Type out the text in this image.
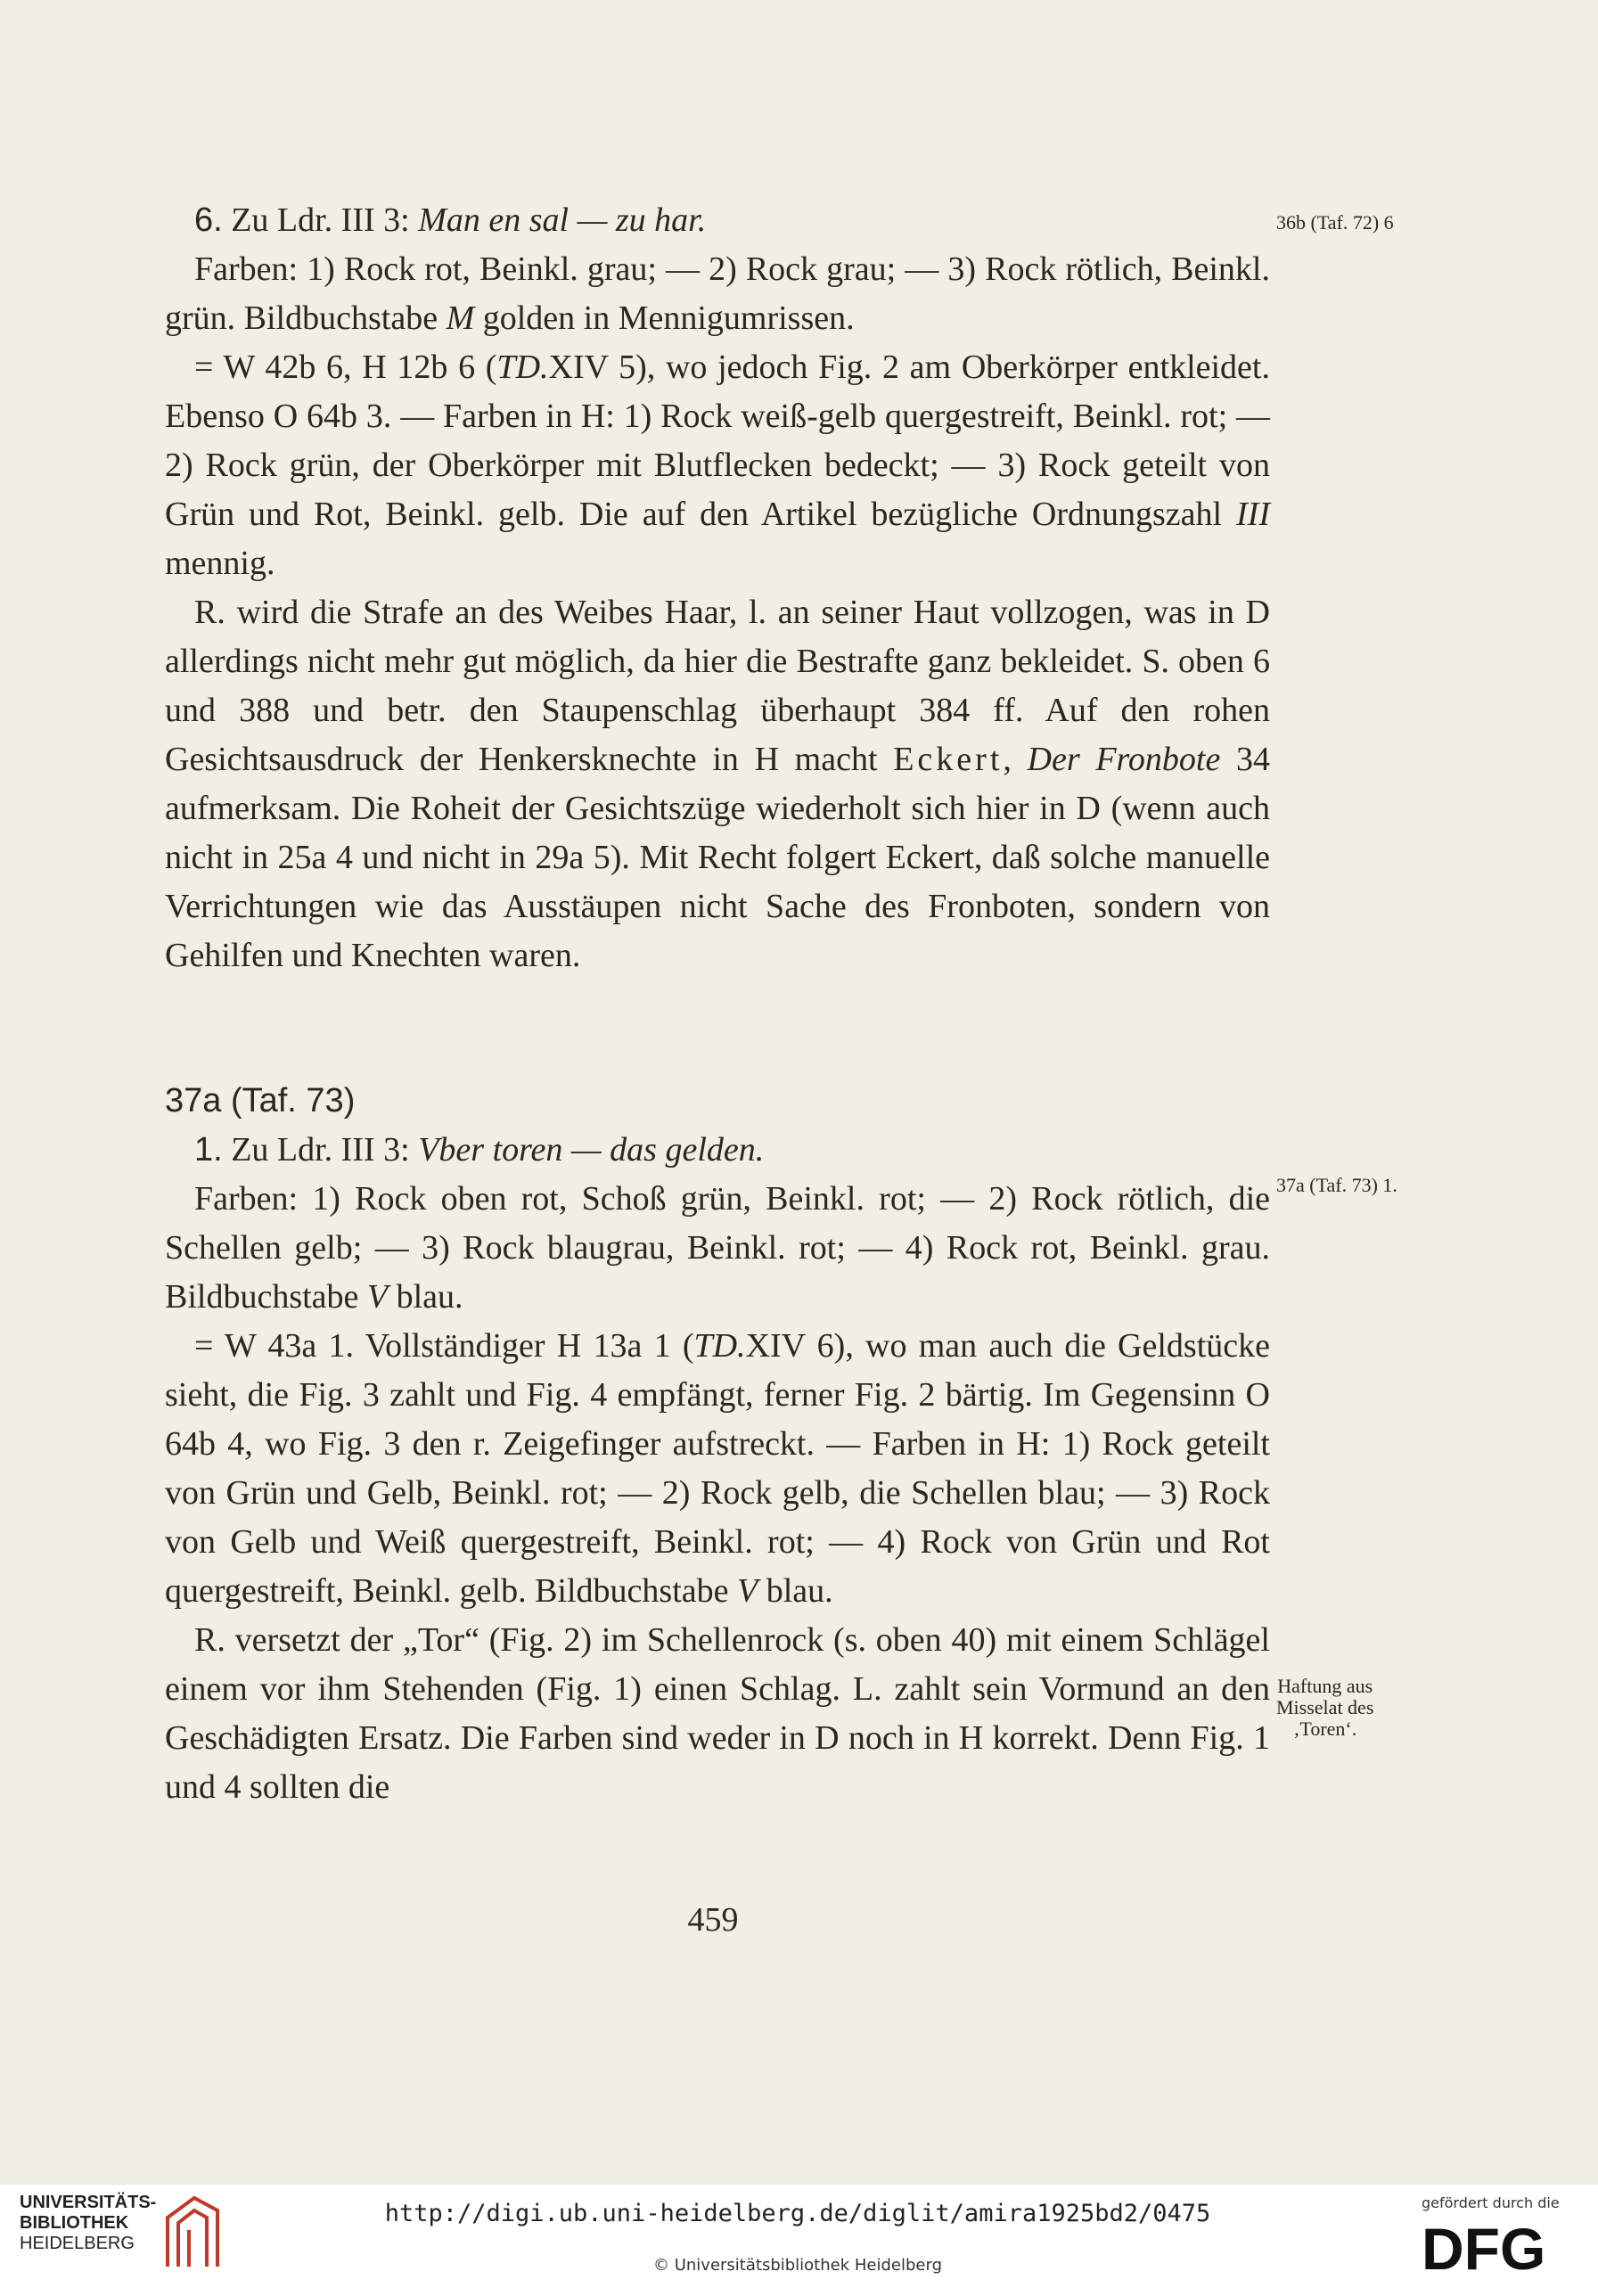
6. Zu Ldr. III 3: Man en sal — zu har.

Farben: 1) Rock rot, Beinkl. grau; — 2) Rock grau; — 3) Rock rötlich, Beinkl. grün. Bildbuchstabe M golden in Mennigumrissen.

= W 42b 6, H 12b 6 (TD.XIV 5), wo jedoch Fig. 2 am Oberkörper entkleidet. Ebenso O 64b 3. — Farben in H: 1) Rock weiß-gelb quergestreift, Beinkl. rot; — 2) Rock grün, der Oberkörper mit Blutflecken bedeckt; — 3) Rock geteilt von Grün und Rot, Beinkl. gelb. Die auf den Artikel bezügliche Ordnungszahl III mennig.

R. wird die Strafe an des Weibes Haar, l. an seiner Haut vollzogen, was in D allerdings nicht mehr gut möglich, da hier die Bestrafte ganz bekleidet. S. oben 6 und 388 und betr. den Staupenschlag überhaupt 384 ff. Auf den rohen Gesichtsausdruck der Henkersknechte in H macht Eckert, Der Fronbote 34 aufmerksam. Die Roheit der Gesichtszüge wiederholt sich hier in D (wenn auch nicht in 25a 4 und nicht in 29a 5). Mit Recht folgert Eckert, daß solche manuelle Verrichtungen wie das Ausstäupen nicht Sache des Fronboten, sondern von Gehilfen und Knechten waren.

36b (Taf. 72) 6

37a (Taf. 73)

1. Zu Ldr. III 3: Vber toren — das gelden.

Farben: 1) Rock oben rot, Schoß grün, Beinkl. rot; — 2) Rock rötlich, die Schellen gelb; — 3) Rock blaugrau, Beinkl. rot; — 4) Rock rot, Beinkl. grau. Bildbuchstabe V blau.

= W 43a 1. Vollständiger H 13a 1 (TD.XIV 6), wo man auch die Geldstücke sieht, die Fig. 3 zahlt und Fig. 4 empfängt, ferner Fig. 2 bärtig. Im Gegensinn O 64b 4, wo Fig. 3 den r. Zeigefinger aufstreckt. — Farben in H: 1) Rock geteilt von Grün und Gelb, Beinkl. rot; — 2) Rock gelb, die Schellen blau; — 3) Rock von Gelb und Weiß quergestreift, Beinkl. rot; — 4) Rock von Grün und Rot quergestreift, Beinkl. gelb. Bildbuchstabe V blau.

R. versetzt der „Tor“ (Fig. 2) im Schellenrock (s. oben 40) mit einem Schlägel einem vor ihm Stehenden (Fig. 1) einen Schlag. L. zahlt sein Vormund an den Geschädigten Ersatz. Die Farben sind weder in D noch in H korrekt. Denn Fig. 1 und 4 sollten die

37a (Taf. 73) 1.
Haftung aus
Misselat des
‚Toren‘.
459
UNIVERSITÄTS-
BIBLIOTHEK
HEIDELBERG
http://digi.ub.uni-heidelberg.de/diglit/amira1925bd2/0475
© Universitätsbibliothek Heidelberg
gefördert durch die
DFG
